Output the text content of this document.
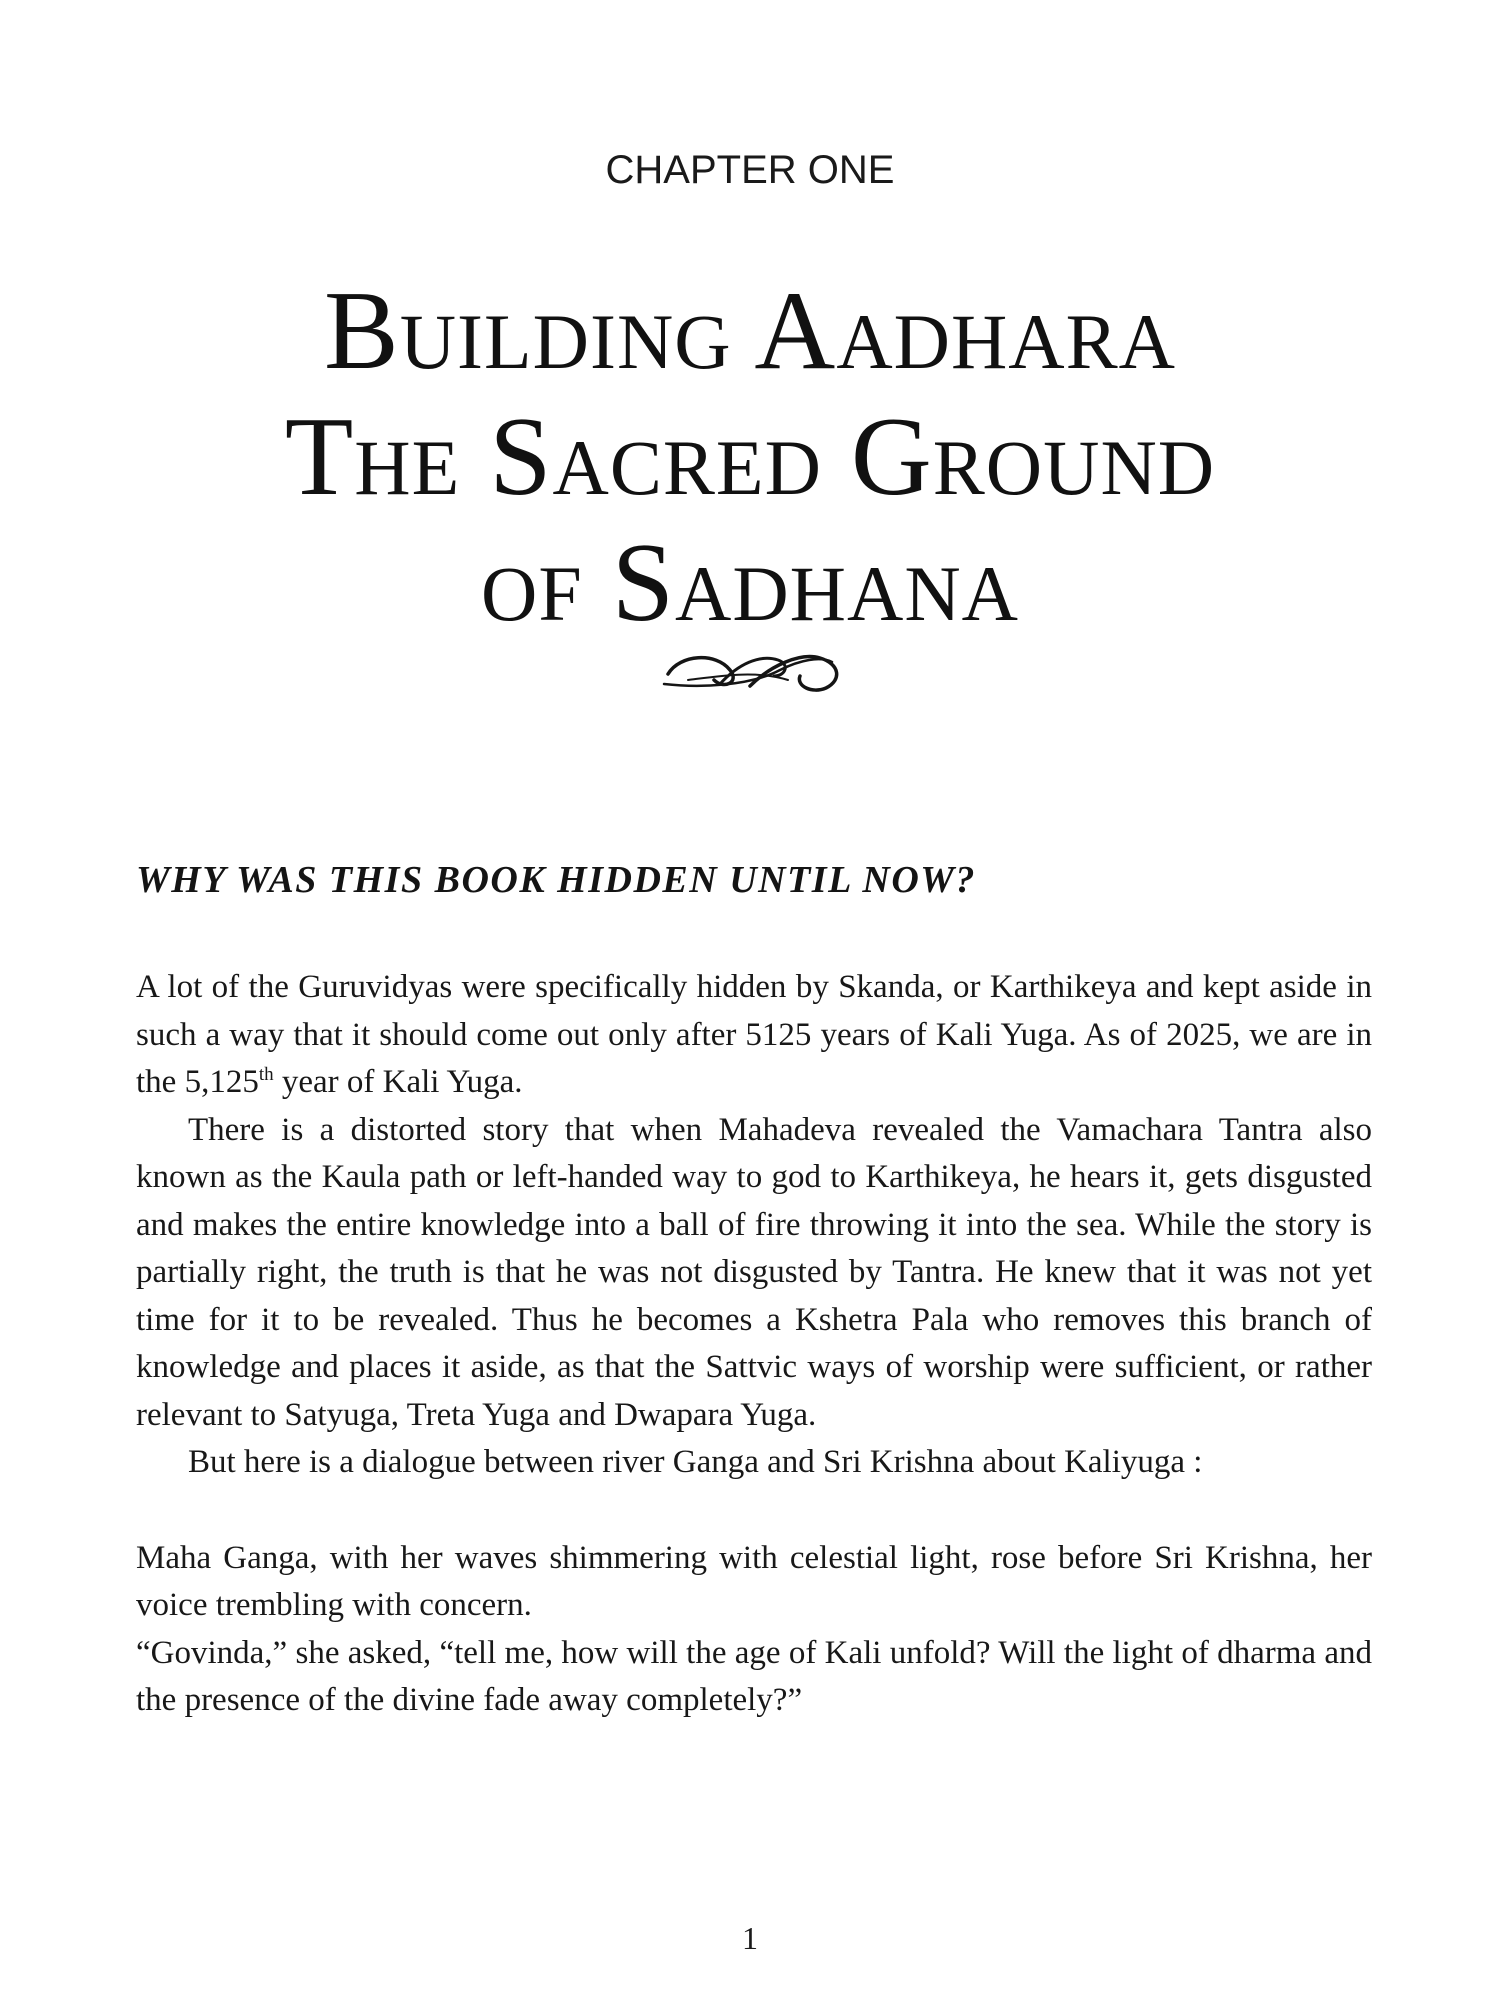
CHAPTER ONE
Building Aadhara
The Sacred Ground
of Sadhana
WHY WAS THIS BOOK HIDDEN UNTIL NOW?

A lot of the Guruvidyas were specifically hidden by Skanda, or Karthikeya and kept aside in such a way that it should come out only after 5125 years of Kali Yuga. As of 2025, we are in the 5,125th year of Kali Yuga.

There is a distorted story that when Mahadeva revealed the Vamachara Tantra also known as the Kaula path or left-handed way to god to Karthikeya, he hears it, gets disgusted and makes the entire knowledge into a ball of fire throwing it into the sea. While the story is partially right, the truth is that he was not disgusted by Tantra. He knew that it was not yet time for it to be revealed. Thus he becomes a Kshetra Pala who removes this branch of knowledge and places it aside, as that the Sattvic ways of worship were sufficient, or rather relevant to Satyuga, Treta Yuga and Dwapara Yuga.

But here is a dialogue between river Ganga and Sri Krishna about Kaliyuga :

Maha Ganga, with her waves shimmering with celestial light, rose before Sri Krishna, her voice trembling with concern.

“Govinda,” she asked, “tell me, how will the age of Kali unfold? Will the light of dharma and the presence of the divine fade away completely?”

1
